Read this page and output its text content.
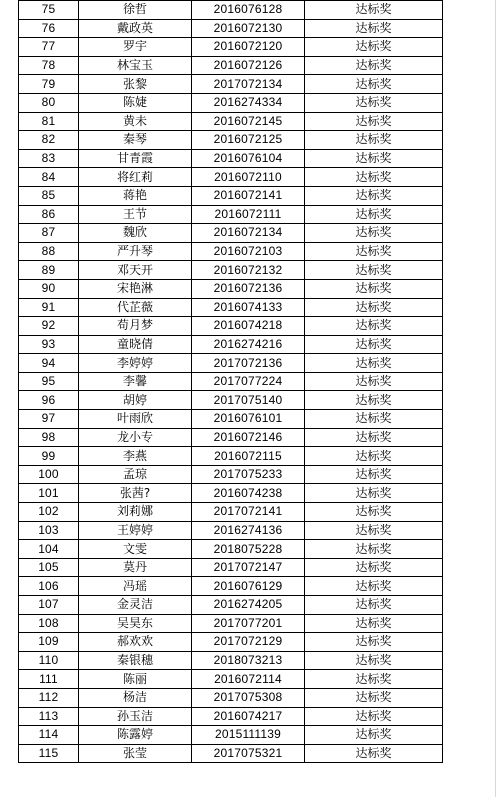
75	徐哲	2016076128	达标奖
76	戴政英	2016072130	达标奖
77	罗宇	2016072120	达标奖
78	林宝玉	2016072126	达标奖
79	张黎	2017072134	达标奖
80	陈婕	2016274334	达标奖
81	黄未	2016072145	达标奖
82	秦琴	2016072125	达标奖
83	甘青霞	2016076104	达标奖
84	将红莉	2016072110	达标奖
85	蒋艳	2016072141	达标奖
86	王节	2016072111	达标奖
87	魏欣	2016072134	达标奖
88	严升琴	2016072103	达标奖
89	邓天开	2016072132	达标奖
90	宋艳淋	2016072136	达标奖
91	代芷薇	2016074133	达标奖
92	苟月梦	2016074218	达标奖
93	童晓倩	2016274216	达标奖
94	李婷婷	2017072136	达标奖
95	李馨	2017077224	达标奖
96	胡婷	2017075140	达标奖
97	叶雨欣	2016076101	达标奖
98	龙小专	2016072146	达标奖
99	李燕	2016072115	达标奖
100	孟琼	2017075233	达标奖
101	张茜?	2016074238	达标奖
102	刘莉娜	2017072141	达标奖
103	王婷婷	2016274136	达标奖
104	文雯	2018075228	达标奖
105	莫丹	2017072147	达标奖
106	冯瑶	2016076129	达标奖
107	金灵洁	2016274205	达标奖
108	吴昊东	2017077201	达标奖
109	郝欢欢	2017072129	达标奖
110	秦银穗	2018073213	达标奖
111	陈丽	2016072114	达标奖
112	杨洁	2017075308	达标奖
113	孙玉洁	2016074217	达标奖
114	陈露婷	2015111139	达标奖
115	张莹	2017075321	达标奖
